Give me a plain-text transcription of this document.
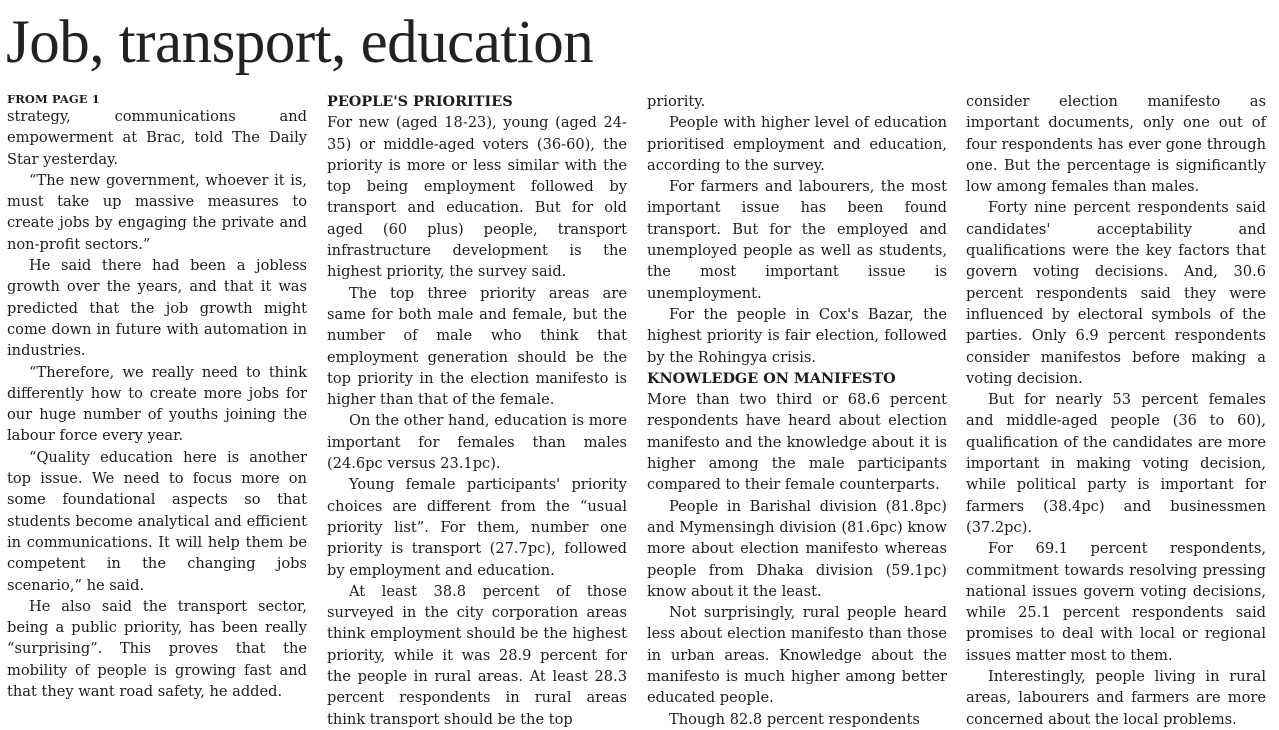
Job, transport, education
FROM PAGE 1

strategy, communications and empowerment at Brac, told The Daily Star yesterday.

“The new government, whoever it is, must take up massive measures to create jobs by engaging the private and non-profit sectors.”

He said there had been a jobless growth over the years, and that it was predicted that the job growth might come down in future with automation in industries.

“Therefore, we really need to think differently how to create more jobs for our huge number of youths joining the labour force every year.

“Quality education here is another top issue. We need to focus more on some foundational aspects so that students become analytical and efficient in communications. It will help them be competent in the changing jobs scenario,” he said.

He also said the transport sector, being a public priority, has been really “surprising”. This proves that the mobility of people is growing fast and that they want road safety, he added.

PEOPLE'S PRIORITIES

For new (aged 18-23), young (aged 24-35) or middle-aged voters (36-60), the priority is more or less similar with the top being employment followed by transport and education. But for old aged (60 plus) people, transport infrastructure development is the highest priority, the survey said.

The top three priority areas are same for both male and female, but the number of male who think that employment generation should be the top priority in the election manifesto is higher than that of the female.

On the other hand, education is more important for females than males (24.6pc versus 23.1pc).

Young female participants' priority choices are different from the “usual priority list”. For them, number one priority is transport (27.7pc), followed by employment and education.

At least 38.8 percent of those surveyed in the city corporation areas think employment should be the highest priority, while it was 28.9 percent for the people in rural areas. At least 28.3 percent respondents in rural areas think transport should be the top

priority.

People with higher level of education prioritised employment and education, according to the survey.

For farmers and labourers, the most important issue has been found transport. But for the employed and unemployed people as well as students, the most important issue is unemployment.

For the people in Cox's Bazar, the highest priority is fair election, followed by the Rohingya crisis.

KNOWLEDGE ON MANIFESTO

More than two third or 68.6 percent respondents have heard about election manifesto and the knowledge about it is higher among the male participants compared to their female counterparts.

People in Barishal division (81.8pc) and Mymensingh division (81.6pc) know more about election manifesto whereas people from Dhaka division (59.1pc) know about it the least.

Not surprisingly, rural people heard less about election manifesto than those in urban areas. Knowledge about the manifesto is much higher among better educated people.

Though 82.8 percent respondents

consider election manifesto as important documents, only one out of four respondents has ever gone through one. But the percentage is significantly low among females than males.

Forty nine percent respondents said candidates' acceptability and qualifications were the key factors that govern voting decisions. And, 30.6 percent respondents said they were influenced by electoral symbols of the parties. Only 6.9 percent respondents consider manifestos before making a voting decision.

But for nearly 53 percent females and middle-aged people (36 to 60), qualification of the candidates are more important in making voting decision, while political party is important for farmers (38.4pc) and businessmen (37.2pc).

For 69.1 percent respondents, commitment towards resolving pressing national issues govern voting decisions, while 25.1 percent respondents said promises to deal with local or regional issues matter most to them.

Interestingly, people living in rural areas, labourers and farmers are more concerned about the local problems.
